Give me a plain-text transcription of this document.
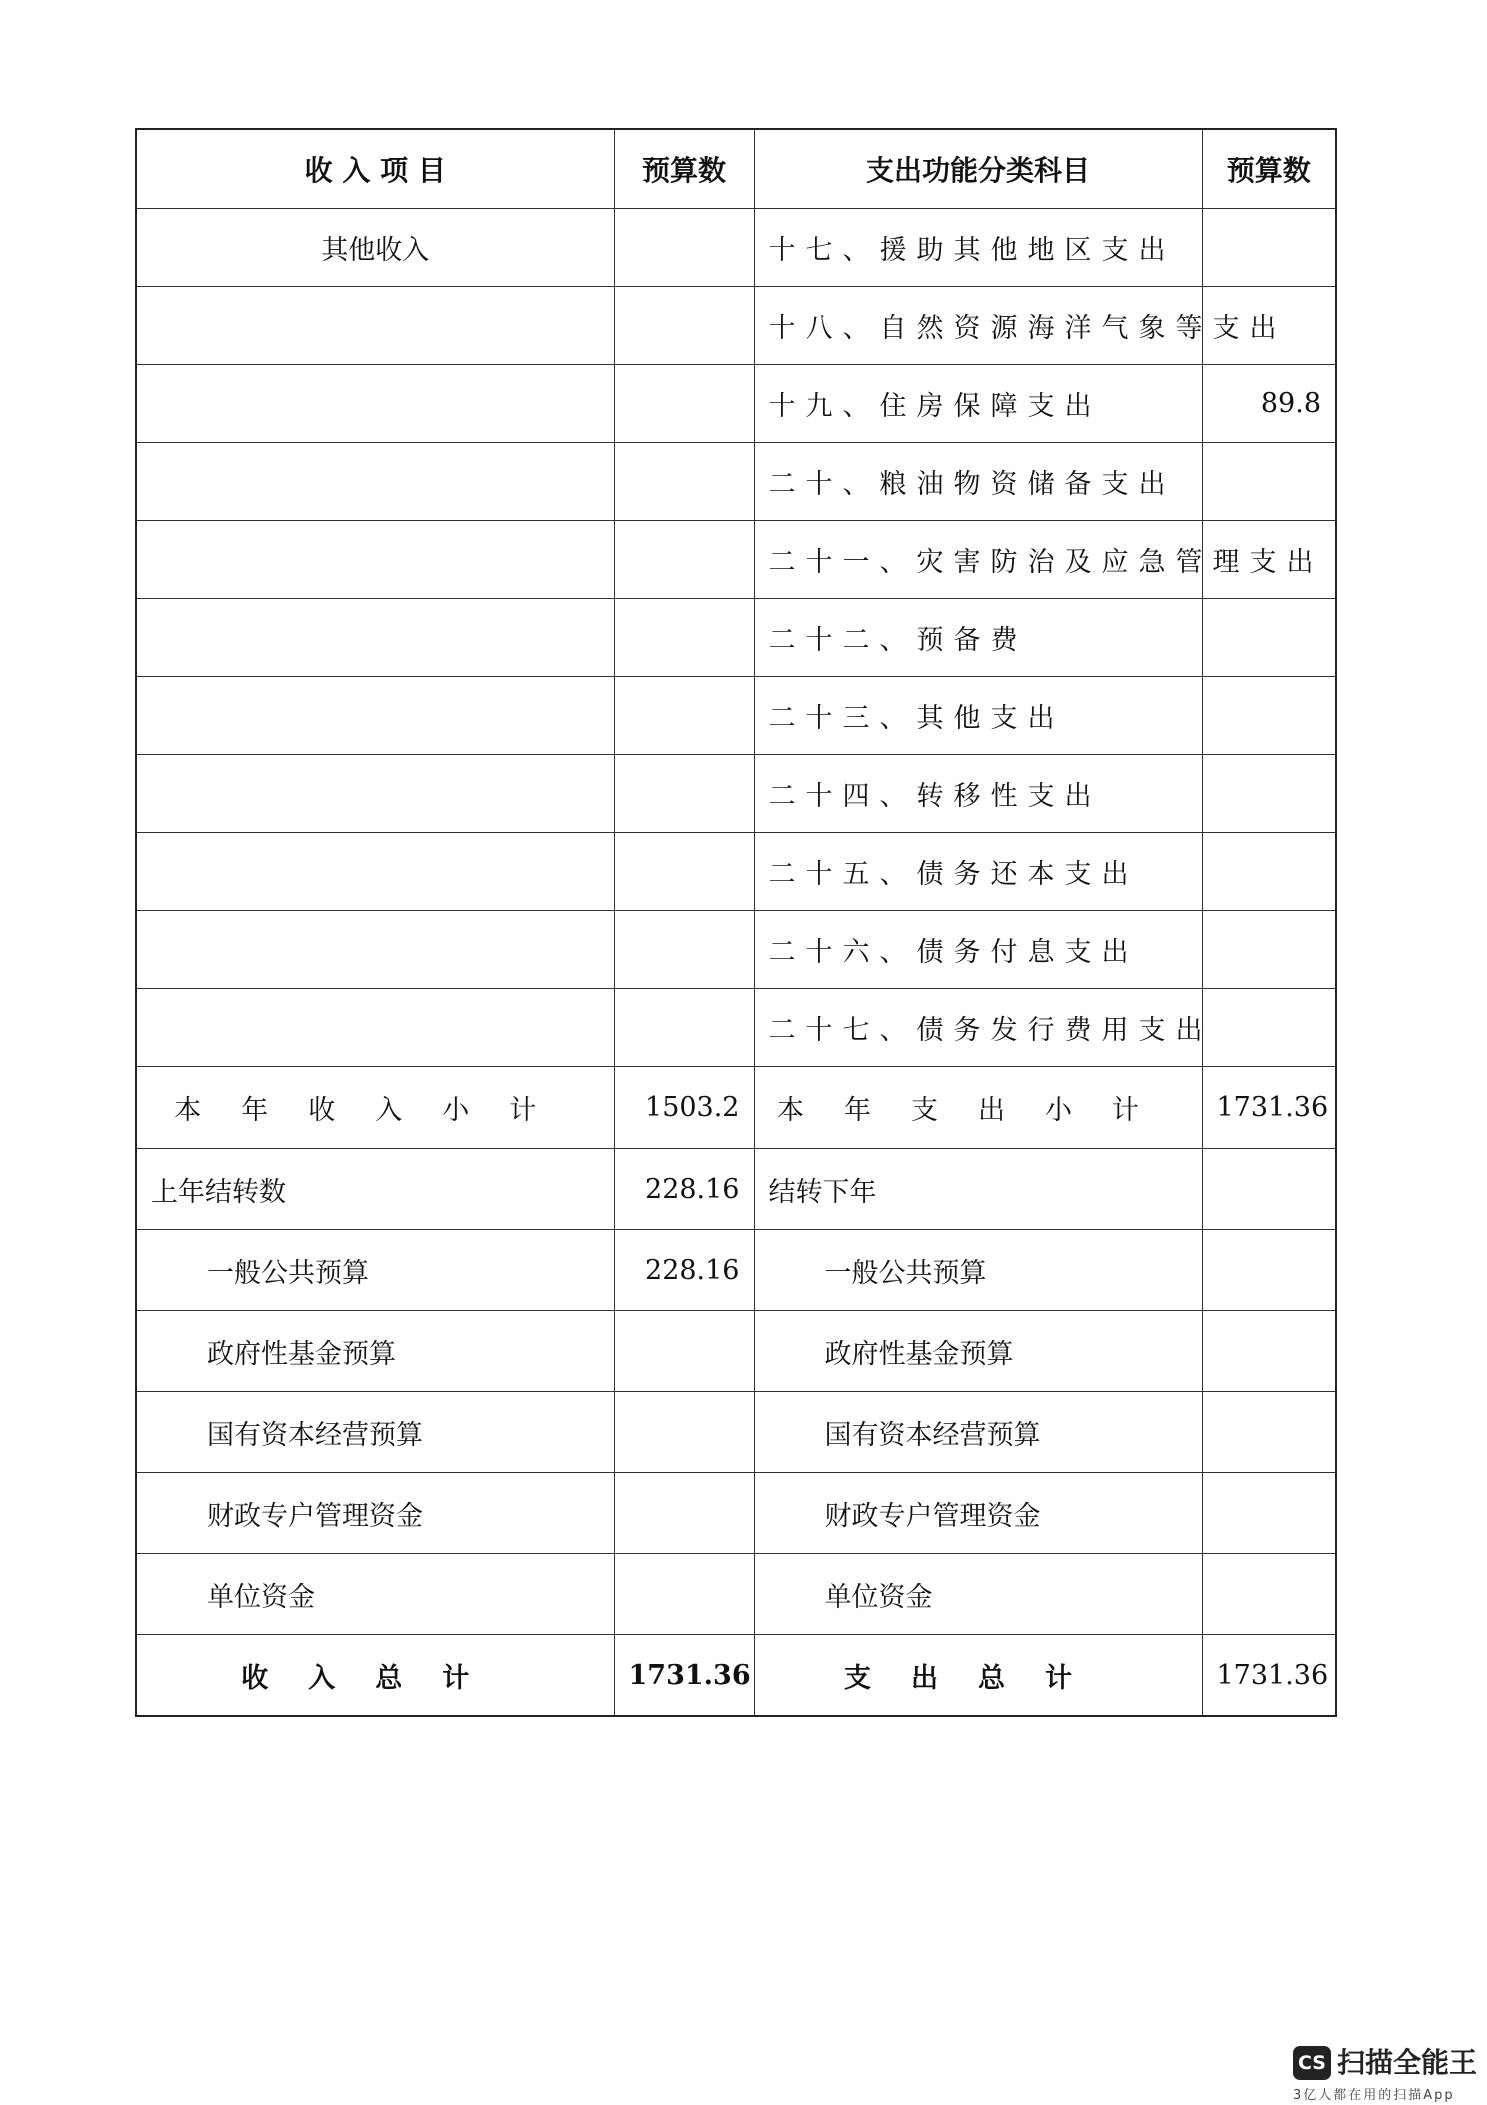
收 入 项 目	预算数	支出功能分类科目	预算数
其他收入		十七、援助其他地区支出	
		十八、自然资源海洋气象等支出	
		十九、住房保障支出	89.8
		二十、粮油物资储备支出	
		二十一、灾害防治及应急管理支出	
		二十二、预备费	
		二十三、其他支出	
		二十四、转移性支出	
		二十五、债务还本支出	
		二十六、债务付息支出	
		二十七、债务发行费用支出	
本年收入小计	1503.2	本年支出小计	1731.36
上年结转数	228.16	结转下年	
一般公共预算	228.16	一般公共预算	
政府性基金预算		政府性基金预算	
国有资本经营预算		国有资本经营预算	
财政专户管理资金		财政专户管理资金	
单位资金		单位资金	
收入总计	1731.36	支出总计	1731.36
CS 扫描全能王
3亿人都在用的扫描App
